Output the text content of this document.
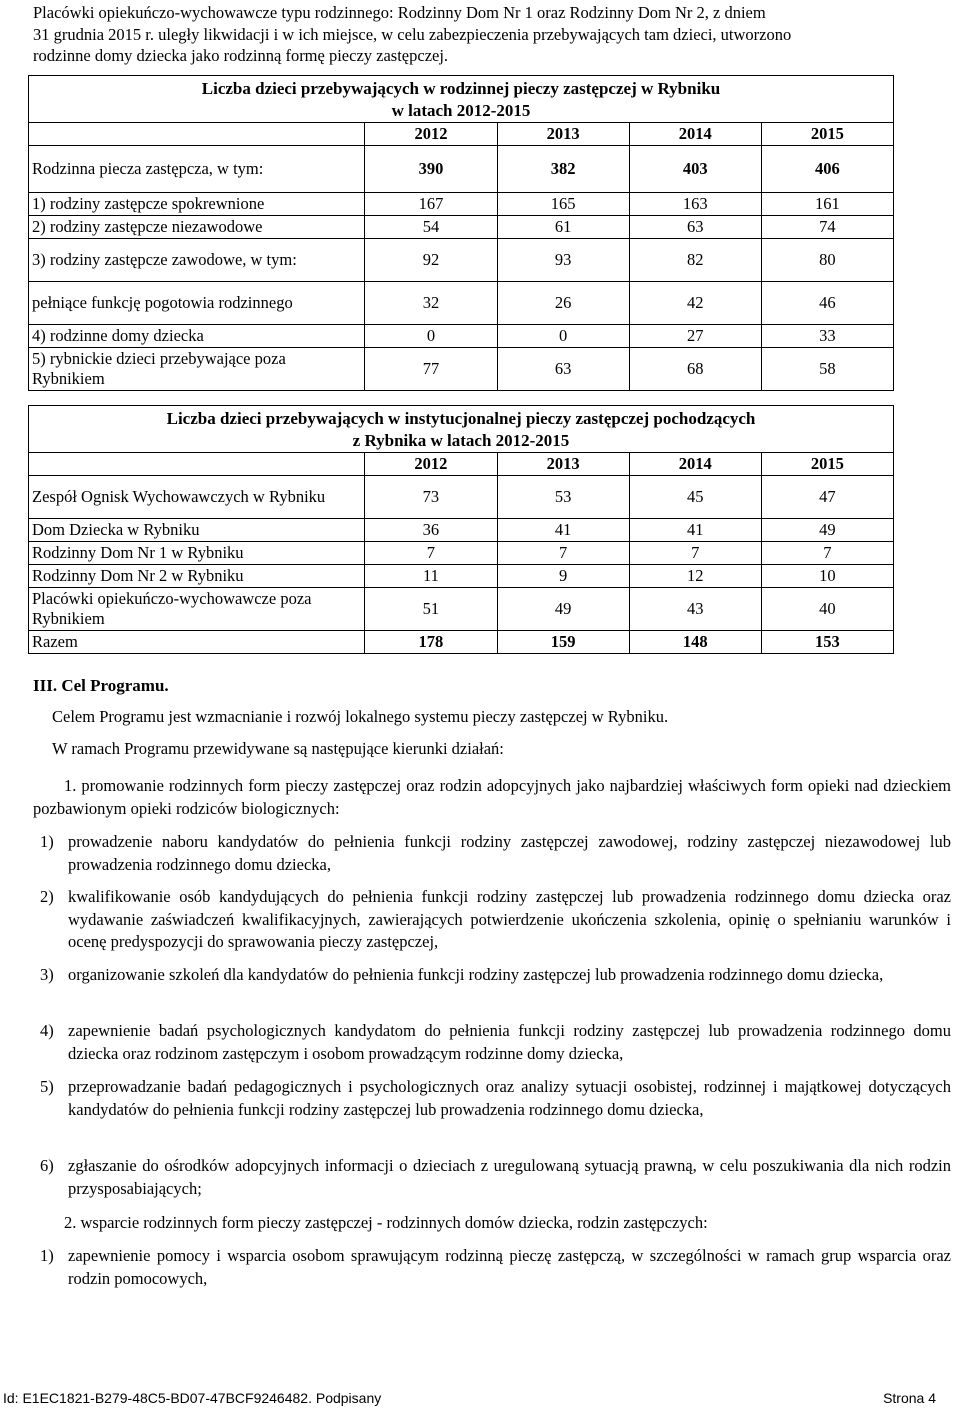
Placówki opiekuńczo-wychowawcze typu rodzinnego: Rodzinny Dom Nr 1 oraz Rodzinny Dom Nr 2, z dniem

31 grudnia 2015 r. uległy likwidacji i w ich miejsce, w celu zabezpieczenia przebywających tam dzieci, utworzono

rodzinne domy dziecka jako rodzinną formę pieczy zastępczej.

Liczba dzieci przebywających w rodzinnej pieczy zastępczej w Rybniku
w latach 2012-2015				

	2012	2013	2014	2015
Rodzinna piecza zastępcza, w tym:	390	382	403	406
1) rodziny zastępcze spokrewnione	167	165	163	161
2) rodziny zastępcze niezawodowe	54	61	63	74
3) rodziny zastępcze zawodowe, w tym:	92	93	82	80
pełniące funkcję pogotowia rodzinnego	32	26	42	46
4) rodzinne domy dziecka	0	0	27	33
5) rybnickie dzieci przebywające poza Rybnikiem	77	63	68	58
Liczba dzieci przebywających w instytucjonalnej pieczy zastępczej pochodzących
z Rybnika w latach 2012-2015				

	2012	2013	2014	2015
Zespół Ognisk Wychowawczych w Rybniku	73	53	45	47
Dom Dziecka w Rybniku	36	41	41	49
Rodzinny Dom Nr 1 w Rybniku	7	7	7	7
Rodzinny Dom Nr 2 w Rybniku	11	9	12	10
Placówki opiekuńczo-wychowawcze poza Rybnikiem	51	49	43	40
Razem	178	159	148	153
III. Cel Programu.

Celem Programu jest wzmacnianie i rozwój lokalnego systemu pieczy zastępczej w Rybniku.

W ramach Programu przewidywane są następujące kierunki działań:

1. promowanie rodzinnych form pieczy zastępczej oraz rodzin adopcyjnych jako najbardziej właściwych form opieki nad dzieckiem pozbawionym opieki rodziców biologicznych:

1) prowadzenie naboru kandydatów do pełnienia funkcji rodziny zastępczej zawodowej, rodziny zastępczej niezawodowej lub prowadzenia rodzinnego domu dziecka,
2) kwalifikowanie osób kandydujących do pełnienia funkcji rodziny zastępczej lub prowadzenia rodzinnego domu dziecka oraz wydawanie zaświadczeń kwalifikacyjnych, zawierających potwierdzenie ukończenia szkolenia, opinię o spełnianiu warunków i ocenę predyspozycji do sprawowania pieczy zastępczej,
3) organizowanie szkoleń dla kandydatów do pełnienia funkcji rodziny zastępczej lub prowadzenia rodzinnego domu dziecka,
4) zapewnienie badań psychologicznych kandydatom do pełnienia funkcji rodziny zastępczej lub prowadzenia rodzinnego domu dziecka oraz rodzinom zastępczym i osobom prowadzącym rodzinne domy dziecka,
5) przeprowadzanie badań pedagogicznych i psychologicznych oraz analizy sytuacji osobistej, rodzinnej i majątkowej dotyczących kandydatów do pełnienia funkcji rodziny zastępczej lub prowadzenia rodzinnego domu dziecka,
6) zgłaszanie do ośrodków adopcyjnych informacji o dzieciach z uregulowaną sytuacją prawną, w celu poszukiwania dla nich rodzin przysposabiających;

2. wsparcie rodzinnych form pieczy zastępczej - rodzinnych domów dziecka, rodzin zastępczych:

1) zapewnienie pomocy i wsparcia osobom sprawującym rodzinną pieczę zastępczą, w szczególności w ramach grup wsparcia oraz rodzin pomocowych,
Id: E1EC1821-B279-48C5-BD07-47BCF9246482. Podpisany	Strona 4
